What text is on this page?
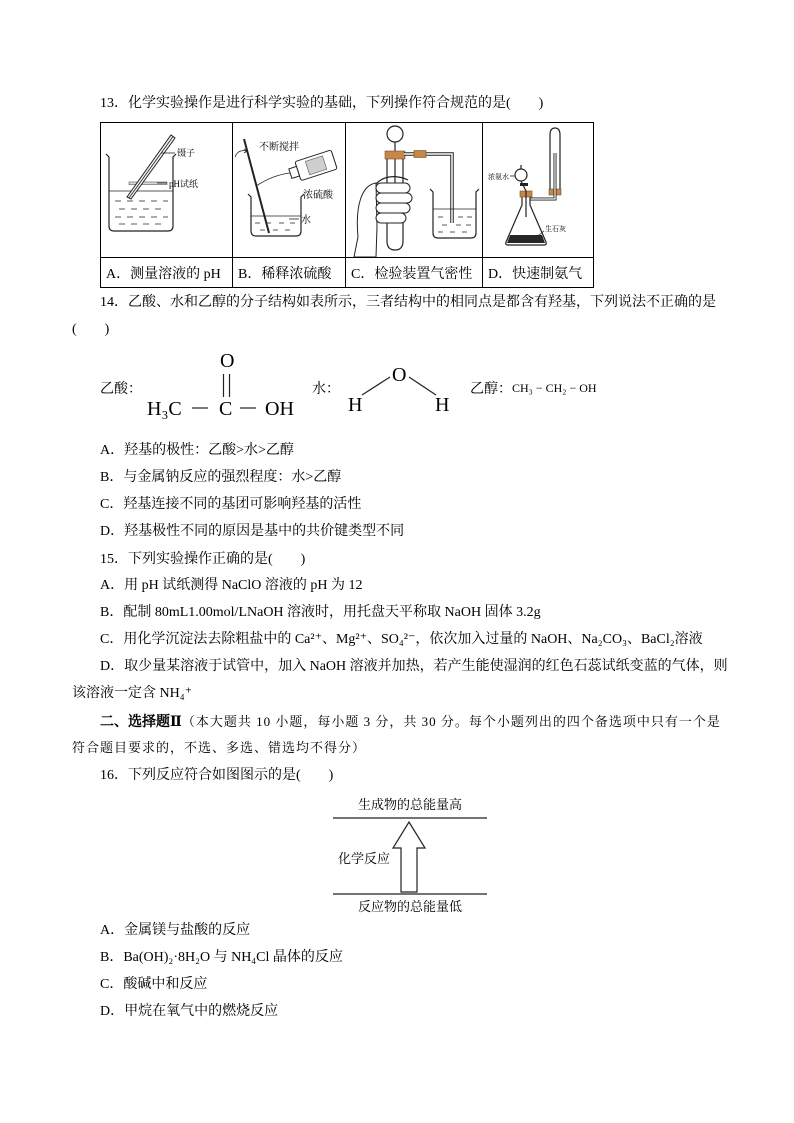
13．化学实验操作是进行科学实验的基础，下列操作符合规范的是(　　)
镊子
pH试纸	不断搅拌
浓硫酸
水		浓氨水
生石灰

A．测量溶液的 pH	B．稀释浓硫酸	C．检验装置气密性	D．快速制氨气
14．乙酸、水和乙醇的分子结构如表所示，三者结构中的相同点是都含有羟基，下列说法不正确的是
(　　)
乙酸：
O
H₃C C OH
水：
H
O
H
乙醇： CH₃ − CH₂ − OH
A．羟基的极性：乙酸>水>乙醇
B．与金属钠反应的强烈程度：水>乙醇
C．羟基连接不同的基团可影响羟基的活性
D．羟基极性不同的原因是基中的共价键类型不同
15．下列实验操作正确的是(　　)
A．用 pH 试纸测得 NaClO 溶液的 pH 为 12
B．配制 80mL1.00mol/LNaOH 溶液时，用托盘天平称取 NaOH 固体 3.2g
C．用化学沉淀法去除粗盐中的 Ca²⁺、Mg²⁺、SO₄²⁻，依次加入过量的 NaOH、Na₂CO₃、BaCl₂溶液
D．取少量某溶液于试管中，加入 NaOH 溶液并加热，若产生能使湿润的红色石蕊试纸变蓝的气体，则
该溶液一定含 NH₄⁺
二、选择题Ⅱ（本大题共 10 小题，每小题 3 分，共 30 分。每个小题列出的四个备选项中只有一个是
符合题目要求的，不选、多选、错选均不得分）
16．下列反应符合如图图示的是(　　)
生成物的总能量高
化学反应
反应物的总能量低
A．金属镁与盐酸的反应
B．Ba(OH)₂·8H₂O 与 NH₄Cl 晶体的反应
C．酸碱中和反应
D．甲烷在氧气中的燃烧反应
